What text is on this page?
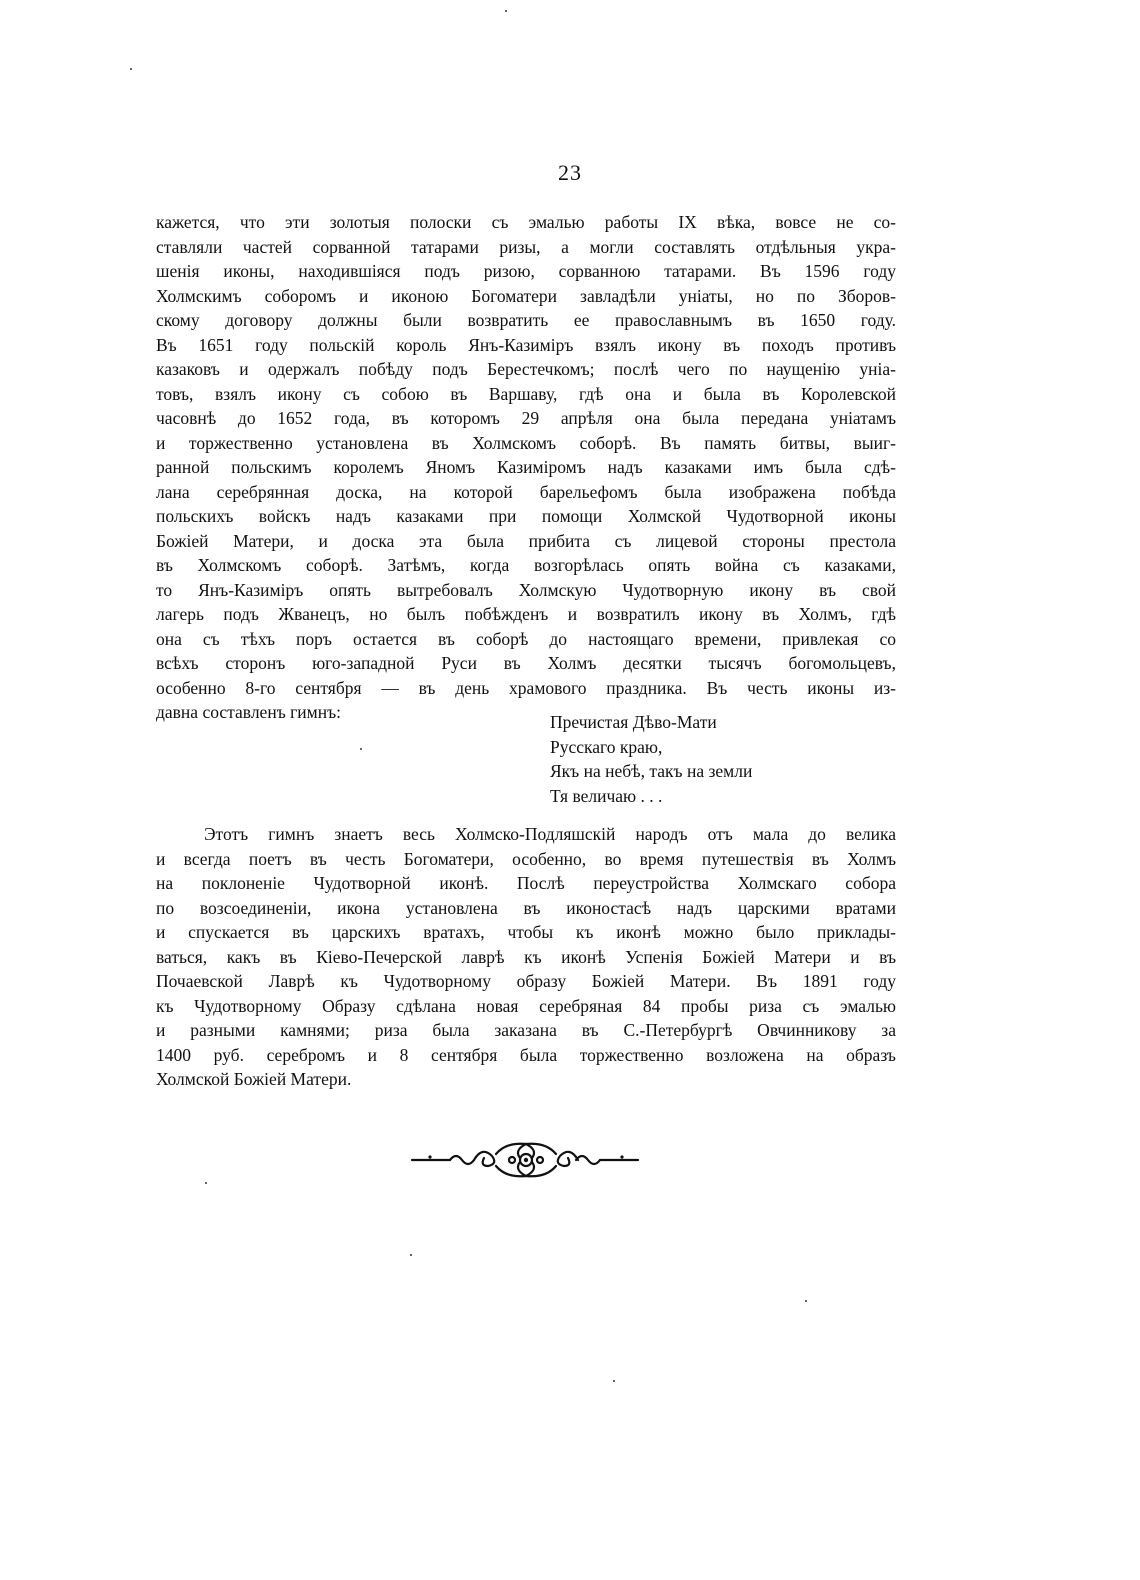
23
кажется, что эти золотыя полоски съ эмалью работы IX вѣка, вовсе не со-
ставляли частей сорванной татарами ризы, а могли составлять отдѣльныя укра-
шенія иконы, находившіяся подъ ризою, сорванною татарами. Въ 1596 году
Холмскимъ соборомъ и иконою Богоматери завладѣли уніаты, но по Зборов-
скому договору должны были возвратить ее православнымъ въ 1650 году.
Въ 1651 году польскій король Янъ-Казиміръ взялъ икону въ походъ противъ
казаковъ и одержалъ побѣду подъ Берестечкомъ; послѣ чего по наущенію уніа-
товъ, взялъ икону съ собою въ Варшаву, гдѣ она и была въ Королевской
часовнѣ до 1652 года, въ которомъ 29 апрѣля она была передана уніатамъ
и торжественно установлена въ Холмскомъ соборѣ. Въ память битвы, выиг-
ранной польскимъ королемъ Яномъ Казиміромъ надъ казаками имъ была сдѣ-
лана серебрянная доска, на которой барельефомъ была изображена побѣда
польскихъ войскъ надъ казаками при помощи Холмской Чудотворной иконы
Божіей Матери, и доска эта была прибита съ лицевой стороны престола
въ Холмскомъ соборѣ. Затѣмъ, когда возгорѣлась опять война съ казаками,
то Янъ-Казиміръ опять вытребовалъ Холмскую Чудотворную икону въ свой
лагерь подъ Жванецъ, но былъ побѣжденъ и возвратилъ икону въ Холмъ, гдѣ
она съ тѣхъ поръ остается въ соборѣ до настоящаго времени, привлекая со
всѣхъ сторонъ юго-западной Руси въ Холмъ десятки тысячъ богомольцевъ,
особенно 8-го сентября — въ день храмового праздника. Въ честь иконы из-
давна составленъ гимнъ:	Пречистая Дѣво-Мати
Русскаго краю,
Якъ на небѣ, такъ на земли
Тя величаю . . .
Этотъ гимнъ знаетъ весь Холмско-Подляшскій народъ отъ мала до велика
и всегда поетъ въ честь Богоматери, особенно, во время путешествія въ Холмъ
на поклоненіе Чудотворной иконѣ. Послѣ переустройства Холмскаго собора
по возсоединеніи, икона установлена въ иконостасѣ надъ царскими вратами
и спускается въ царскихъ вратахъ, чтобы къ иконѣ можно было приклады-
ваться, какъ въ Кіево-Печерской лаврѣ къ иконѣ Успенія Божіей Матери и въ
Почаевской Лаврѣ къ Чудотворному образу Божіей Матери. Въ 1891 году
къ Чудотворному Образу сдѣлана новая серебряная 84 пробы риза съ эмалью
и разными камнями; риза была заказана въ С.-Петербургѣ Овчинникову за
1400 руб. серебромъ и 8 сентября была торжественно возложена на образъ
Холмской Божіей Матери.
